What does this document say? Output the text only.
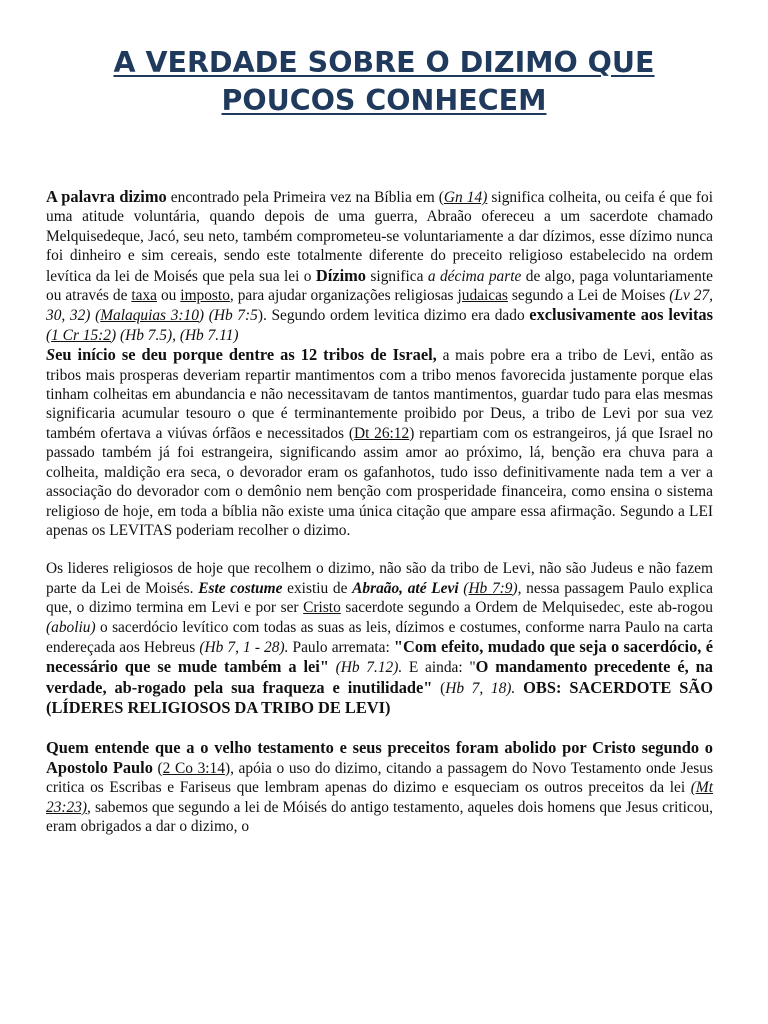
A VERDADE SOBRE O DIZIMO QUE
POUCOS CONHECEM

A palavra dizimo encontrado pela Primeira vez na Bíblia em (Gn 14) significa colheita, ou ceifa é que foi uma atitude voluntária, quando depois de uma guerra, Abraão ofereceu a um sacerdote chamado Melquisedeque, Jacó, seu neto, também comprometeu-se voluntariamente a dar dízimos, esse dízimo nunca foi dinheiro e sim cereais, sendo este totalmente diferente do preceito religioso estabelecido na ordem levítica da lei de Moisés que pela sua lei o Dízimo significa a décima parte de algo, paga voluntariamente ou através de taxa ou imposto, para ajudar organizações religiosas judaicas segundo a Lei de Moises (Lv 27, 30, 32) (Malaquias 3:10) (Hb 7:5). Segundo ordem levitica dizimo era dado exclusivamente aos levitas (1 Cr 15:2) (Hb 7.5), (Hb 7.11)
Seu início se deu porque dentre as 12 tribos de Israel, a mais pobre era a tribo de Levi, então as tribos mais prosperas deveriam repartir mantimentos com a tribo menos favorecida justamente porque elas tinham colheitas em abundancia e não necessitavam de tantos mantimentos, guardar tudo para elas mesmas significaria acumular tesouro o que é terminantemente proibido por Deus, a tribo de Levi por sua vez também ofertava a viúvas órfãos e necessitados (Dt 26:12) repartiam com os estrangeiros, já que Israel no passado também já foi estrangeira, significando assim amor ao próximo, lá, benção era chuva para a colheita, maldição era seca, o devorador eram os gafanhotos, tudo isso definitivamente nada tem a ver a associação do devorador com o demônio nem benção com prosperidade financeira, como ensina o sistema religioso de hoje, em toda a bíblia não existe uma única citação que ampare essa afirmação. Segundo a LEI apenas os LEVITAS poderiam recolher o dizimo.

Os lideres religiosos de hoje que recolhem o dizimo, não são da tribo de Levi, não são Judeus e não fazem parte da Lei de Moisés. Este costume existiu de Abraão, até Levi (Hb 7:9), nessa passagem Paulo explica que, o dizimo termina em Levi e por ser Cristo sacerdote segundo a Ordem de Melquisedec, este ab-rogou (aboliu) o sacerdócio levítico com todas as suas as leis, dízimos e costumes, conforme narra Paulo na carta endereçada aos Hebreus (Hb 7, 1 - 28). Paulo arremata: "Com efeito, mudado que seja o sacerdócio, é necessário que se mude também a lei" (Hb 7.12). E ainda: "O mandamento precedente é, na verdade, ab-rogado pela sua fraqueza e inutilidade" (Hb 7, 18). OBS: SACERDOTE SÃO (LÍDERES RELIGIOSOS DA TRIBO DE LEVI)

Quem entende que a o velho testamento e seus preceitos foram abolido por Cristo segundo o Apostolo Paulo (2 Co 3:14), apóia o uso do dizimo, citando a passagem do Novo Testamento onde Jesus critica os Escribas e Fariseus que lembram apenas do dizimo e esqueciam os outros preceitos da lei (Mt 23:23), sabemos que segundo a lei de Móisés do antigo testamento, aqueles dois homens que Jesus criticou, eram obrigados a dar o dizimo, o
